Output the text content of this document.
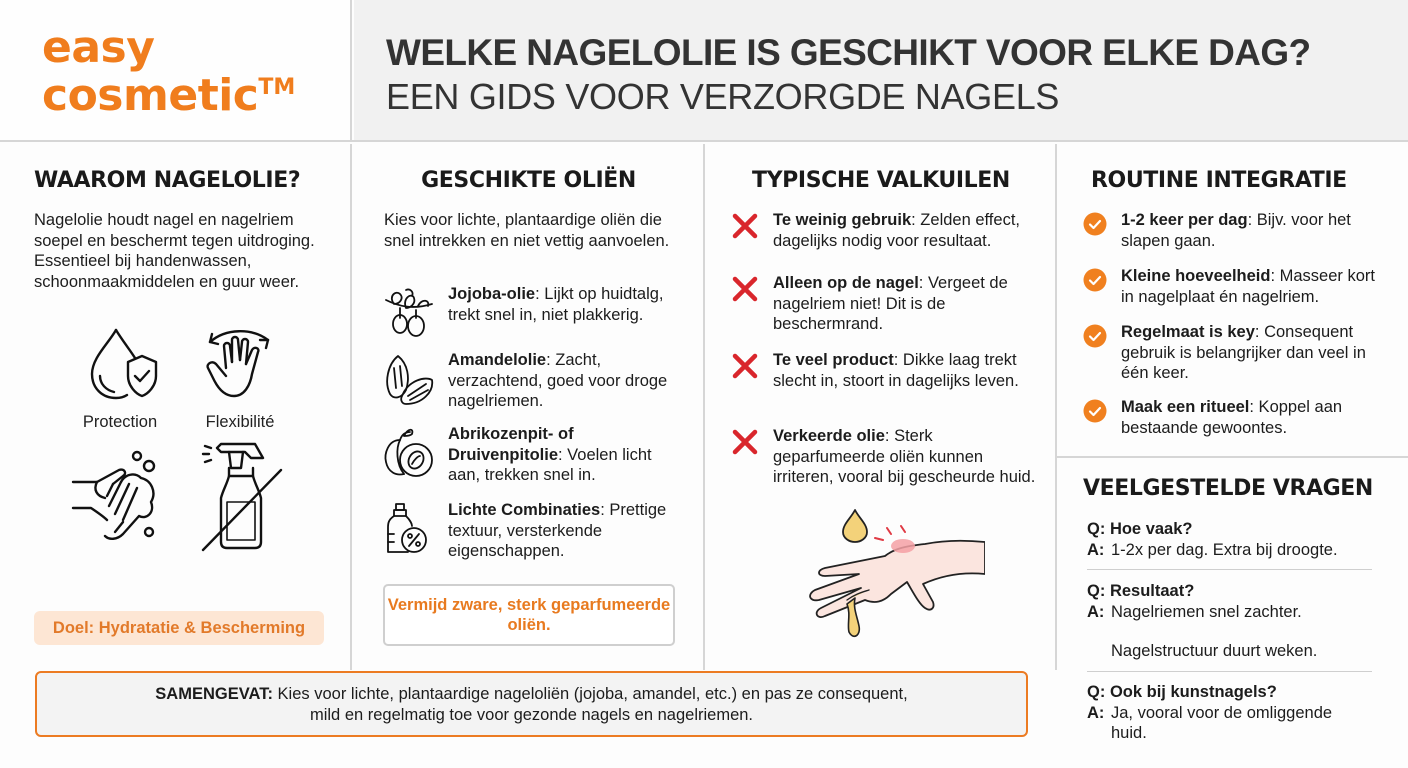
easy
cosmetic™
WELKE NAGELOLIE IS GESCHIKT VOOR ELKE DAG?
EEN GIDS VOOR VERZORGDE NAGELS
WAAROM NAGELOLIE?
Nagelolie houdt nagel en nagelriem soepel en beschermt tegen uitdroging. Essentieel bij handenwassen, schoonmaakmiddelen en guur weer.
Protection	Flexibilité
Doel: Hydratatie & Bescherming
GESCHIKTE OLIËN
Kies voor lichte, plantaardige oliën die snel intrekken en niet vettig aanvoelen.
Jojoba-olie: Lijkt op huidtalg, trekt snel in, niet plakkerig.
Amandelolie: Zacht, verzachtend, goed voor droge nagelriemen.
Abrikozenpit- of Druivenpitolie: Voelen licht aan, trekken snel in.
Lichte Combinaties: Prettige textuur, versterkende eigenschappen.
Vermijd zware, sterk geparfumeerde oliën.
TYPISCHE VALKUILEN
Te weinig gebruik: Zelden effect, dagelijks nodig voor resultaat.
Alleen op de nagel: Vergeet de nagelriem niet! Dit is de beschermrand.
Te veel product: Dikke laag trekt slecht in, stoort in dagelijks leven.
Verkeerde olie: Sterk geparfumeerde oliën kunnen irriteren, vooral bij gescheurde huid.
ROUTINE INTEGRATIE
1-2 keer per dag: Bijv. voor het slapen gaan.
Kleine hoeveelheid: Masseer kort in nagelplaat én nagelriem.
Regelmaat is key: Consequent gebruik is belangrijker dan veel in één keer.
Maak een ritueel: Koppel aan bestaande gewoontes.
VEELGESTELDE VRAGEN
Q: Hoe vaak?
A: 1-2x per dag. Extra bij droogte.
Q: Resultaat?
A: Nagelriemen snel zachter.
Nagelstructuur duurt weken.
Q: Ook bij kunstnagels?
A: Ja, vooral voor de omliggende huid.
SAMENGEVAT: Kies voor lichte, plantaardige nageloliën (jojoba, amandel, etc.) en pas ze consequent,
mild en regelmatig toe voor gezonde nagels en nagelriemen.
